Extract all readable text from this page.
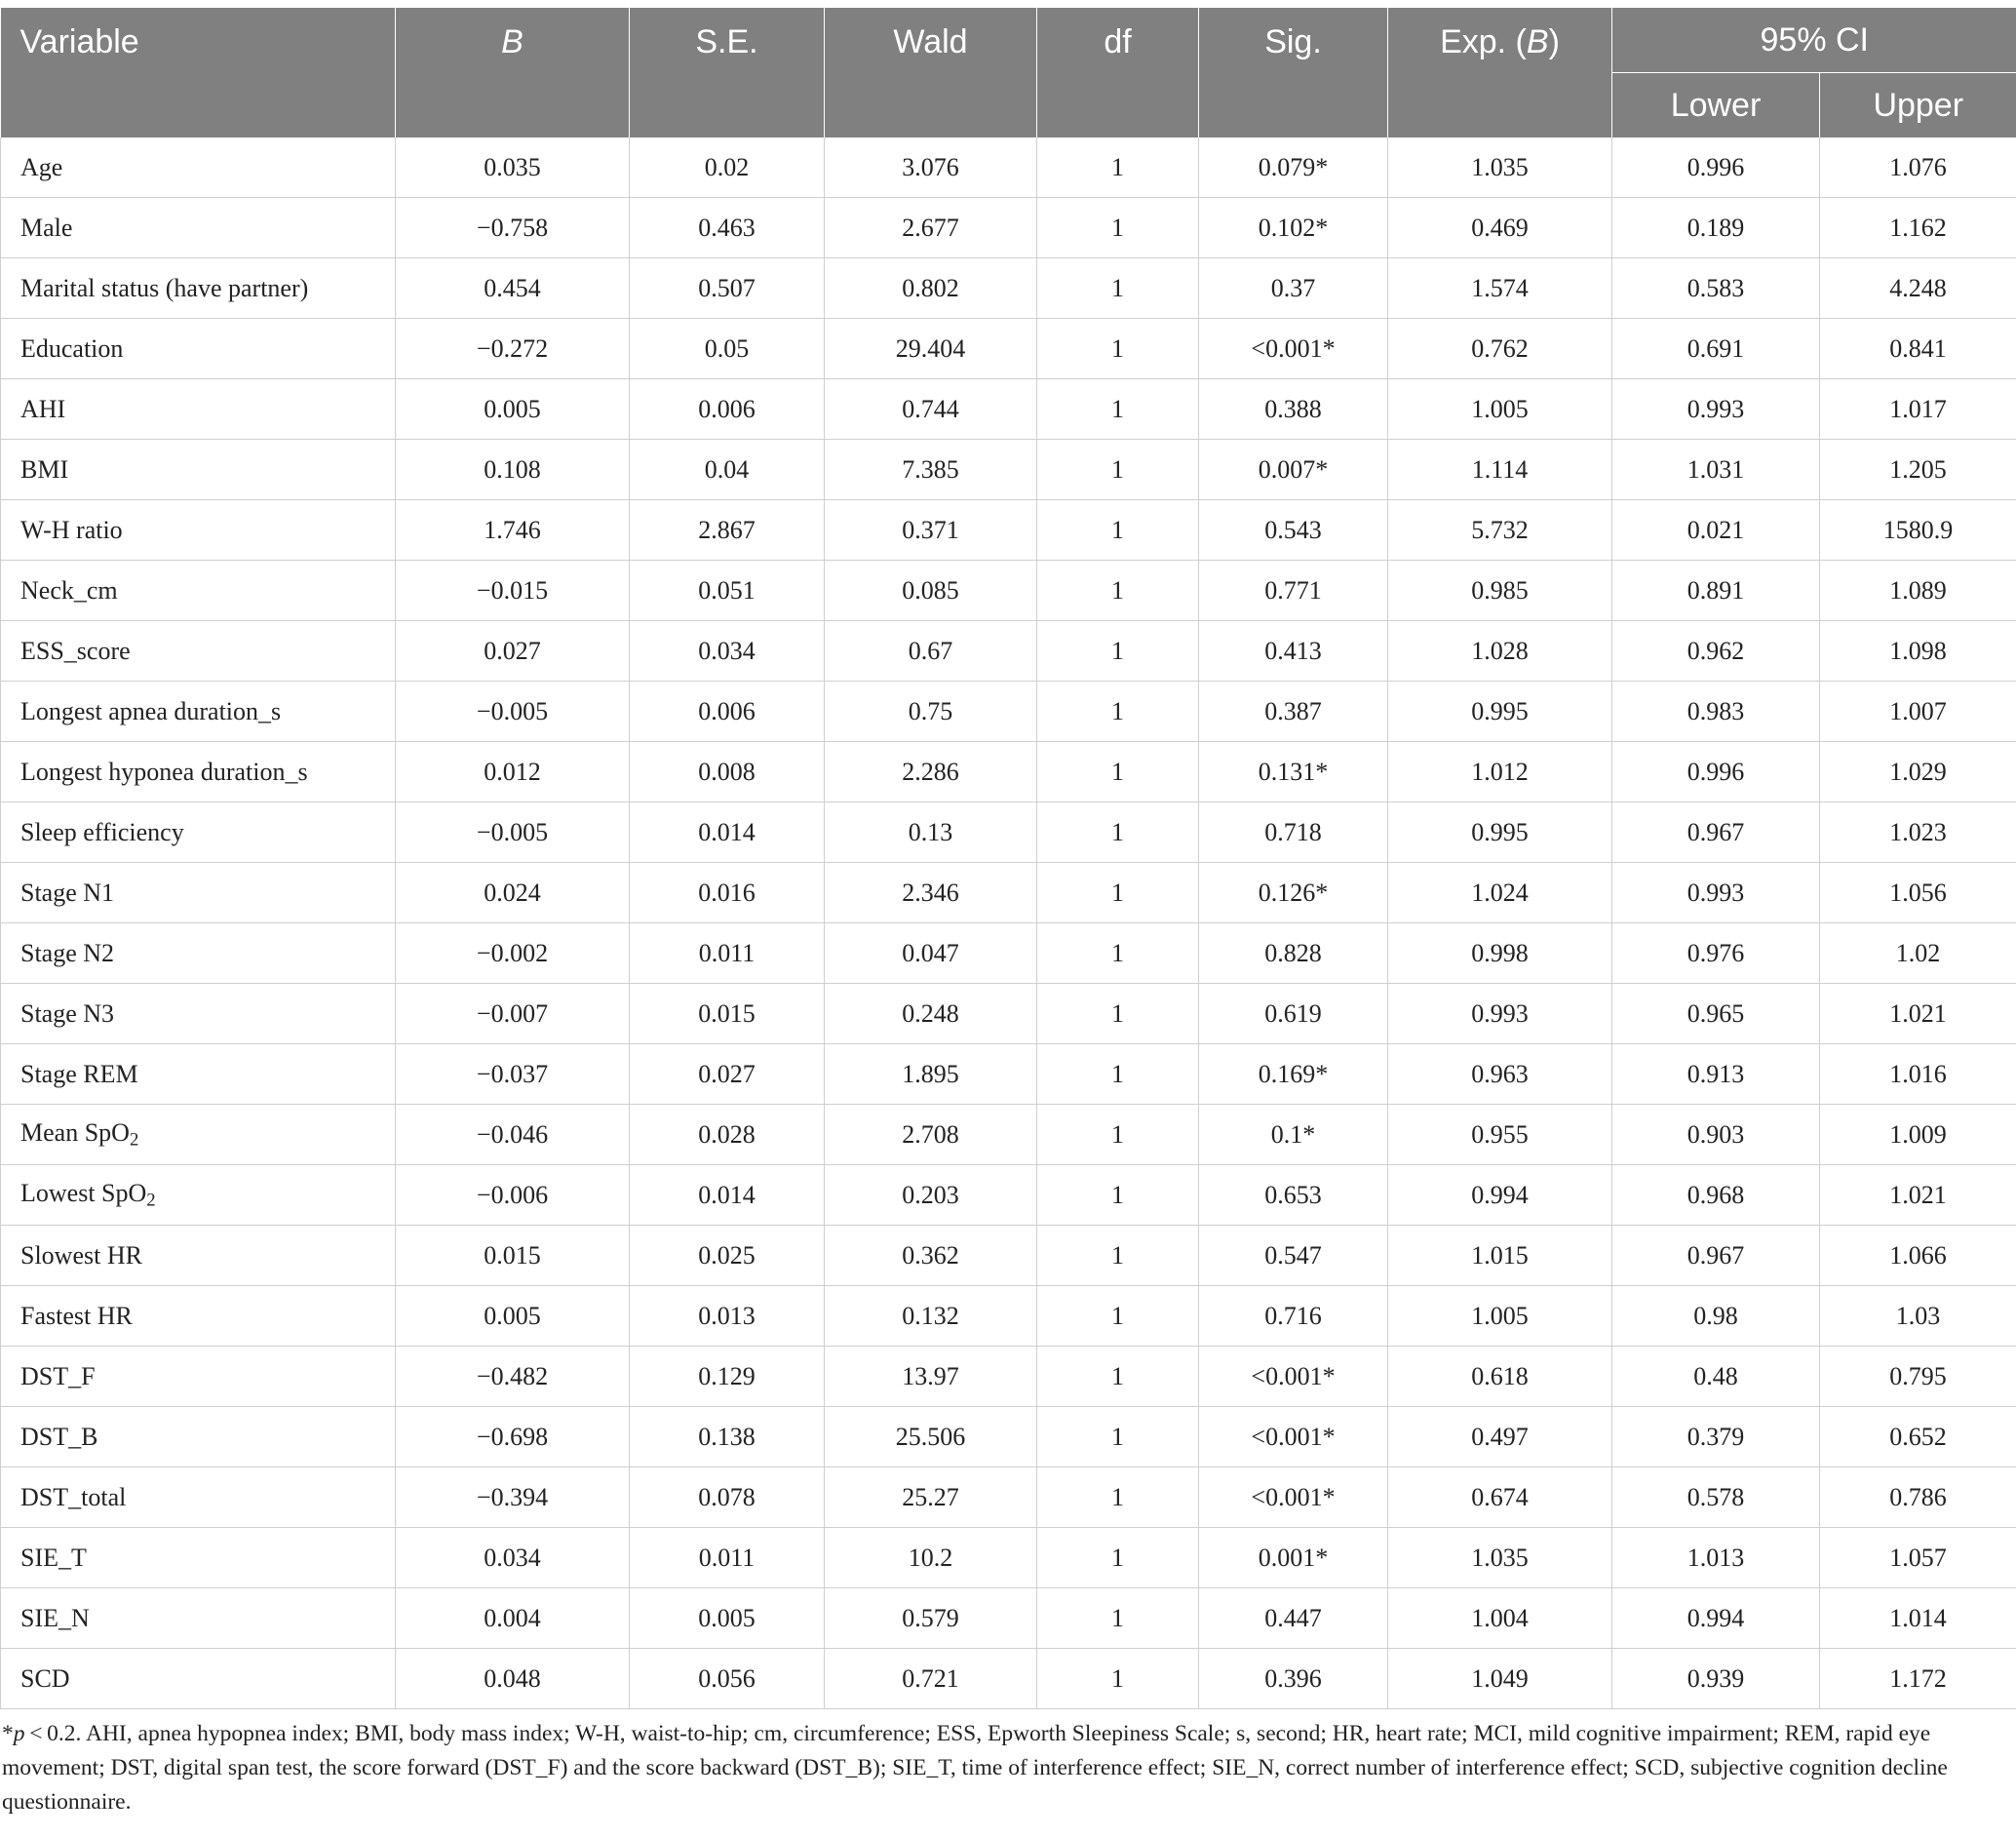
Variable	B	S.E.	Wald	df	Sig.	Exp. (B)	95% CI	
							Lower	Upper
Age	0.035	0.02	3.076	1	0.079*	1.035	0.996	1.076
Male	−0.758	0.463	2.677	1	0.102*	0.469	0.189	1.162
Marital status (have partner)	0.454	0.507	0.802	1	0.37	1.574	0.583	4.248
Education	−0.272	0.05	29.404	1	<0.001*	0.762	0.691	0.841
AHI	0.005	0.006	0.744	1	0.388	1.005	0.993	1.017
BMI	0.108	0.04	7.385	1	0.007*	1.114	1.031	1.205
W-H ratio	1.746	2.867	0.371	1	0.543	5.732	0.021	1580.9
Neck_cm	−0.015	0.051	0.085	1	0.771	0.985	0.891	1.089
ESS_score	0.027	0.034	0.67	1	0.413	1.028	0.962	1.098
Longest apnea duration_s	−0.005	0.006	0.75	1	0.387	0.995	0.983	1.007
Longest hyponea duration_s	0.012	0.008	2.286	1	0.131*	1.012	0.996	1.029
Sleep efficiency	−0.005	0.014	0.13	1	0.718	0.995	0.967	1.023
Stage N1	0.024	0.016	2.346	1	0.126*	1.024	0.993	1.056
Stage N2	−0.002	0.011	0.047	1	0.828	0.998	0.976	1.02
Stage N3	−0.007	0.015	0.248	1	0.619	0.993	0.965	1.021
Stage REM	−0.037	0.027	1.895	1	0.169*	0.963	0.913	1.016
Mean SpO$_2$	−0.046	0.028	2.708	1	0.1*	0.955	0.903	1.009
Lowest SpO$_2$	−0.006	0.014	0.203	1	0.653	0.994	0.968	1.021
Slowest HR	0.015	0.025	0.362	1	0.547	1.015	0.967	1.066
Fastest HR	0.005	0.013	0.132	1	0.716	1.005	0.98	1.03
DST_F	−0.482	0.129	13.97	1	<0.001*	0.618	0.48	0.795
DST_B	−0.698	0.138	25.506	1	<0.001*	0.497	0.379	0.652
DST_total	−0.394	0.078	25.27	1	<0.001*	0.674	0.578	0.786
SIE_T	0.034	0.011	10.2	1	0.001*	1.035	1.013	1.057
SIE_N	0.004	0.005	0.579	1	0.447	1.004	0.994	1.014
SCD	0.048	0.056	0.721	1	0.396	1.049	0.939	1.172
*p < 0.2. AHI, apnea hypopnea index; BMI, body mass index; W-H, waist-to-hip; cm, circumference; ESS, Epworth Sleepiness Scale; s, second; HR, heart rate; MCI, mild cognitive impairment; REM, rapid eye movement; DST, digital span test, the score forward (DST_F) and the score backward (DST_B); SIE_T, time of interference effect; SIE_N, correct number of interference effect; SCD, subjective cognition decline questionnaire.
